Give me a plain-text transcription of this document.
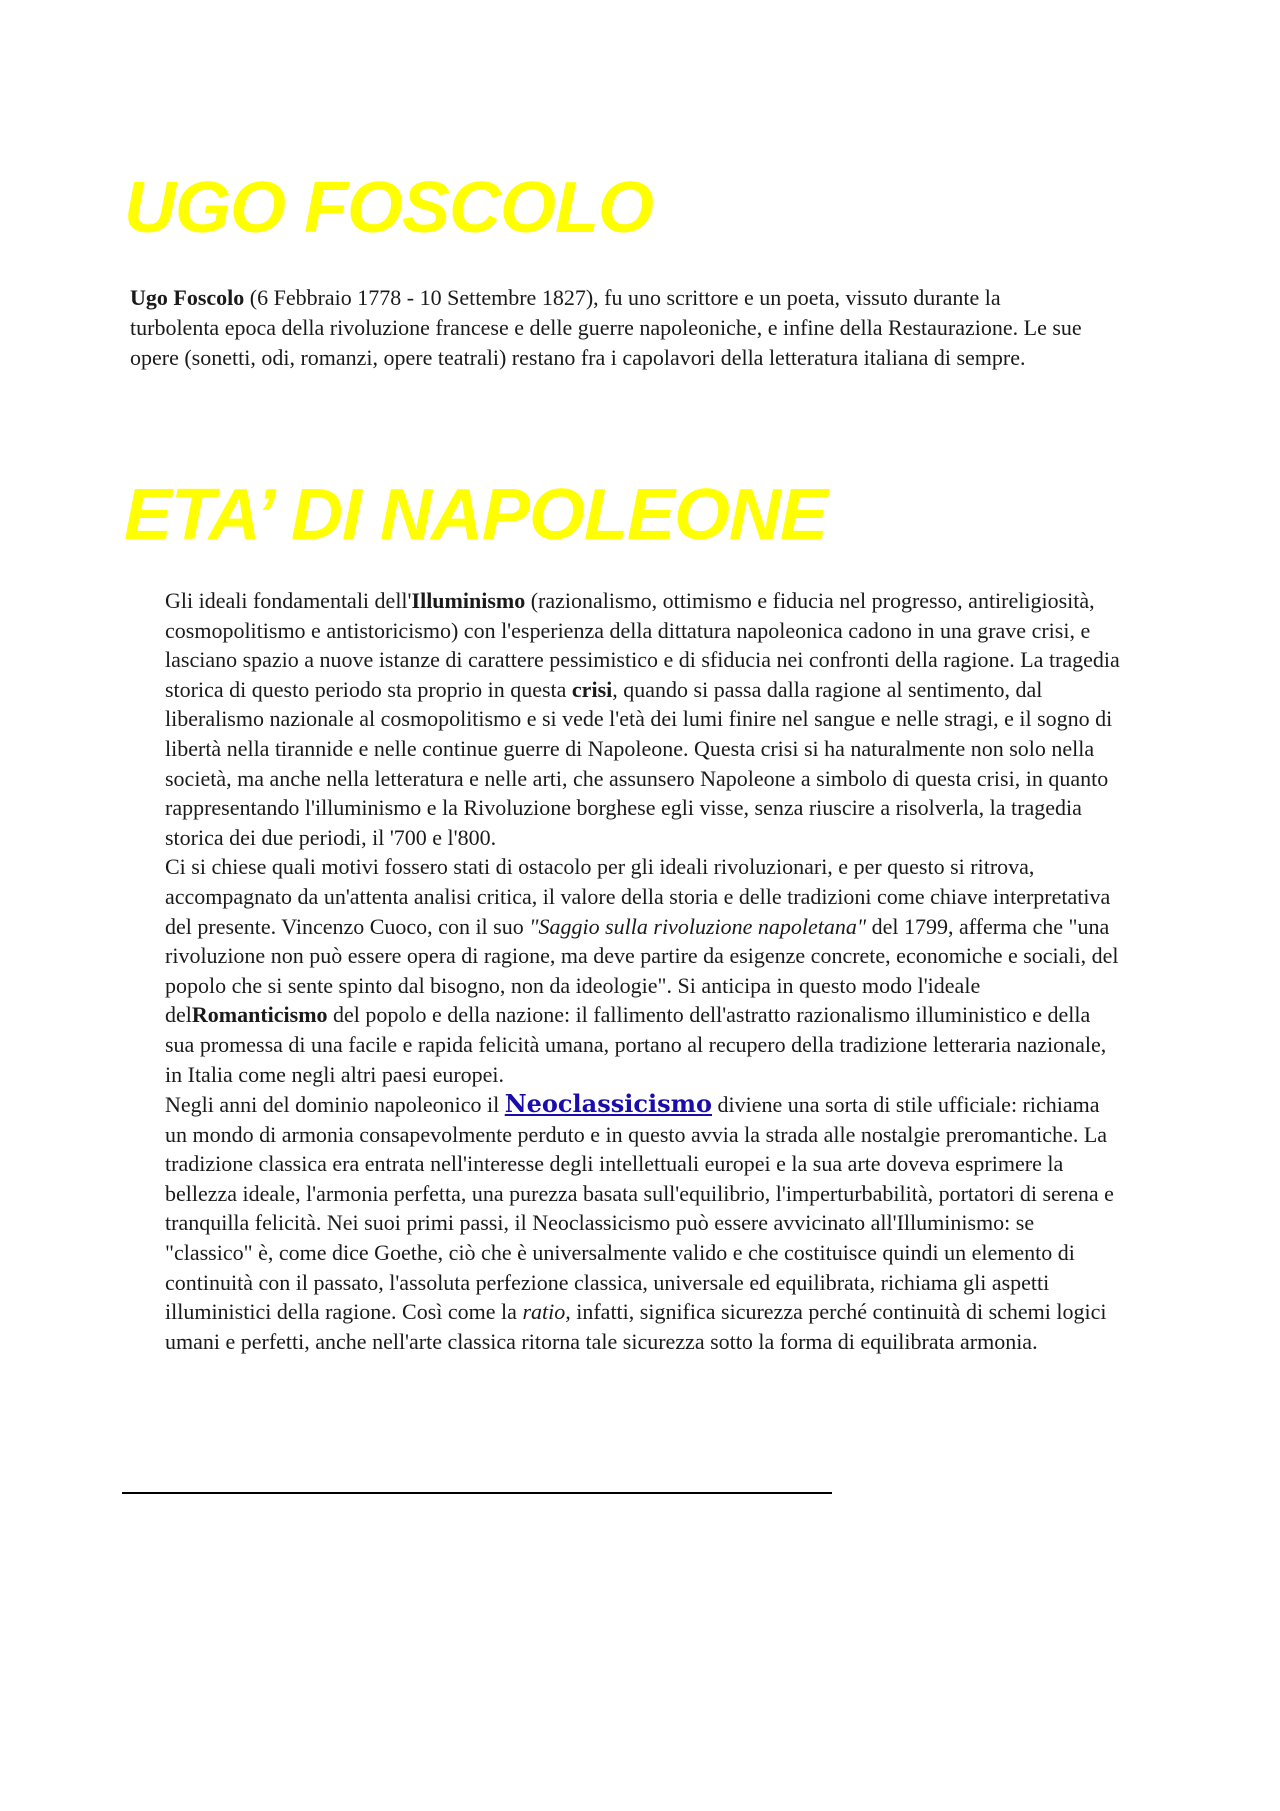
UGO FOSCOLO

Ugo Foscolo (6 Febbraio 1778 - 10 Settembre 1827), fu uno scrittore e un poeta, vissuto durante la turbolenta epoca della rivoluzione francese e delle guerre napoleoniche, e infine della Restaurazione. Le sue opere (sonetti, odi, romanzi, opere teatrali) restano fra i capolavori della letteratura italiana di sempre.

ETA’ DI NAPOLEONE

Gli ideali fondamentali dell'Illuminismo (razionalismo, ottimismo e fiducia nel progresso, antireligiosità, cosmopolitismo e antistoricismo) con l'esperienza della dittatura napoleonica cadono in una grave crisi, e lasciano spazio a nuove istanze di carattere pessimistico e di sfiducia nei confronti della ragione. La tragedia storica di questo periodo sta proprio in questa crisi, quando si passa dalla ragione al sentimento, dal liberalismo nazionale al cosmopolitismo e si vede l'età dei lumi finire nel sangue e nelle stragi, e il sogno di libertà nella tirannide e nelle continue guerre di Napoleone. Questa crisi si ha naturalmente non solo nella società, ma anche nella letteratura e nelle arti, che assunsero Napoleone a simbolo di questa crisi, in quanto rappresentando l'illuminismo e la Rivoluzione borghese egli visse, senza riuscire a risolverla, la tragedia storica dei due periodi, il '700 e l'800.

Ci si chiese quali motivi fossero stati di ostacolo per gli ideali rivoluzionari, e per questo si ritrova, accompagnato da un'attenta analisi critica, il valore della storia e delle tradizioni come chiave interpretativa del presente. Vincenzo Cuoco, con il suo "Saggio sulla rivoluzione napoletana" del 1799, afferma che "una rivoluzione non può essere opera di ragione, ma deve partire da esigenze concrete, economiche e sociali, del popolo che si sente spinto dal bisogno, non da ideologie". Si anticipa in questo modo l'ideale delRomanticismo del popolo e della nazione: il fallimento dell'astratto razionalismo illuministico e della sua promessa di una facile e rapida felicità umana, portano al recupero della tradizione letteraria nazionale, in Italia come negli altri paesi europei.

Negli anni del dominio napoleonico il Neoclassicismo diviene una sorta di stile ufficiale: richiama un mondo di armonia consapevolmente perduto e in questo avvia la strada alle nostalgie preromantiche. La tradizione classica era entrata nell'interesse degli intellettuali europei e la sua arte doveva esprimere la bellezza ideale, l'armonia perfetta, una purezza basata sull'equilibrio, l'imperturbabilità, portatori di serena e tranquilla felicità. Nei suoi primi passi, il Neoclassicismo può essere avvicinato all'Illuminismo: se "classico" è, come dice Goethe, ciò che è universalmente valido e che costituisce quindi un elemento di continuità con il passato, l'assoluta perfezione classica, universale ed equilibrata, richiama gli aspetti illuministici della ragione. Così come la ratio, infatti, significa sicurezza perché continuità di schemi logici umani e perfetti, anche nell'arte classica ritorna tale sicurezza sotto la forma di equilibrata armonia.
